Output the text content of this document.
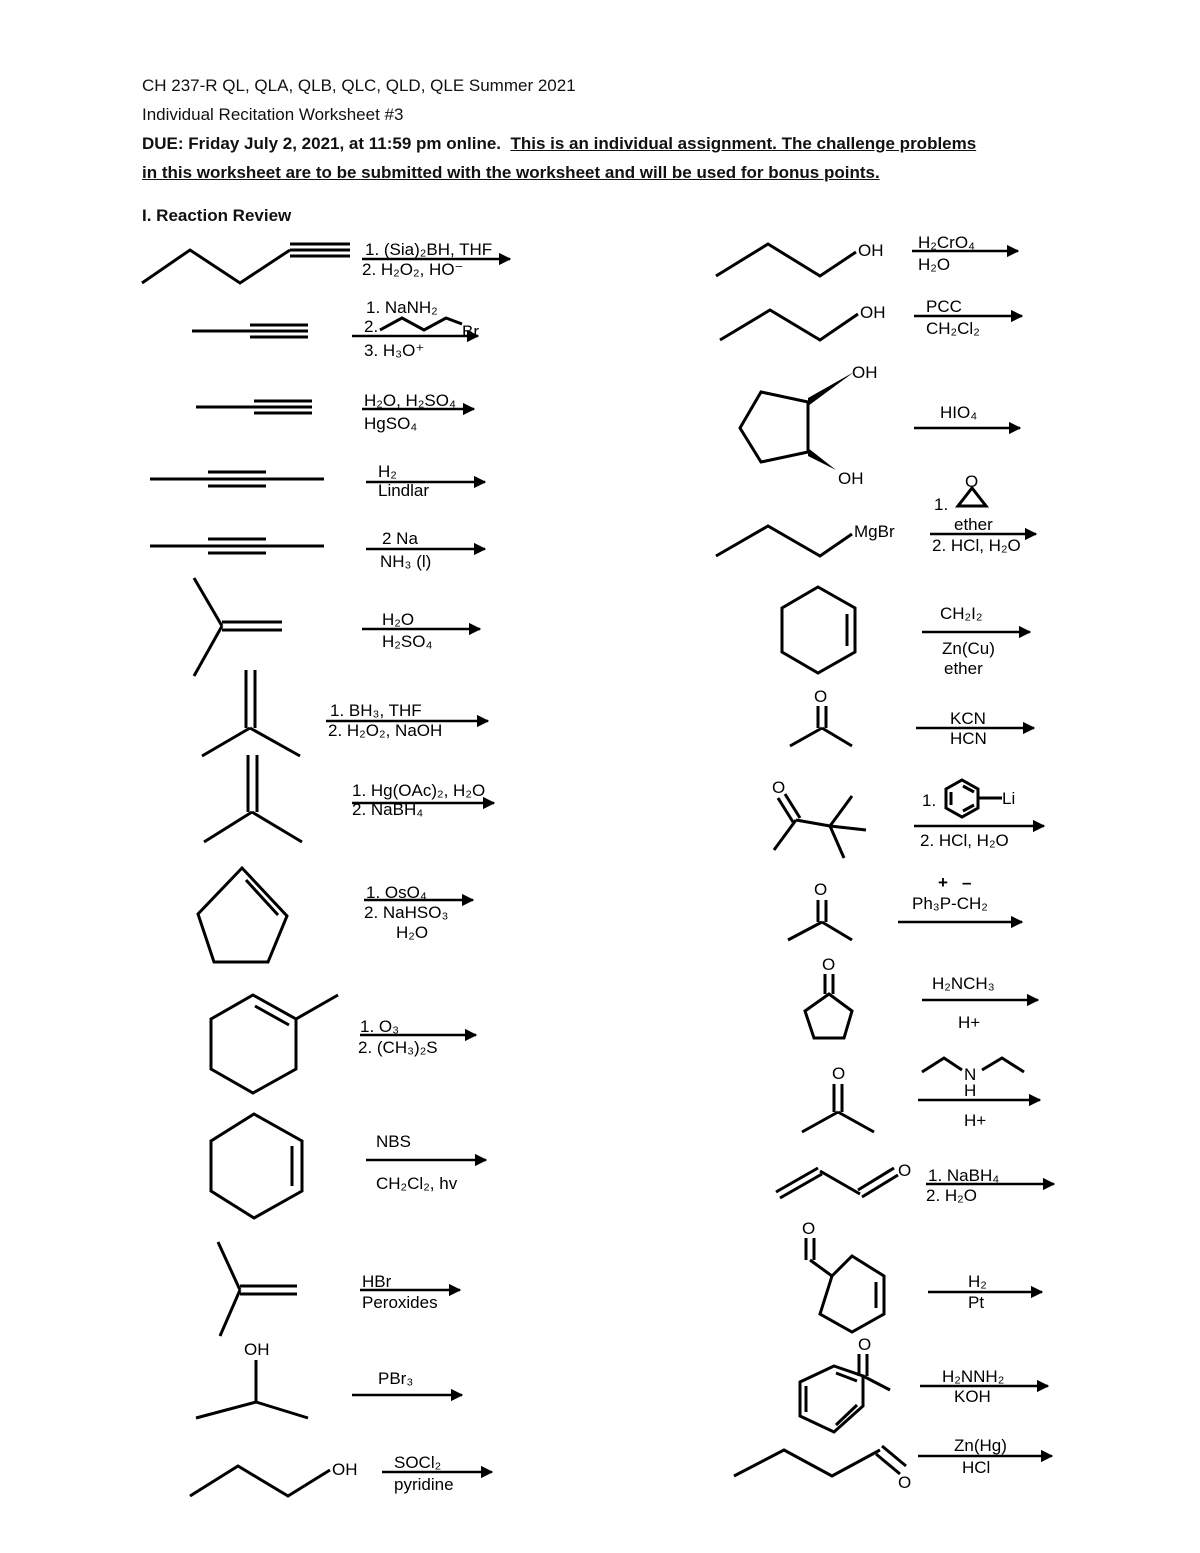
CH 237-R QL, QLA, QLB, QLC, QLD, QLE Summer 2021
Individual Recitation Worksheet #3
DUE: Friday July 2, 2021, at 11:59 pm online. This is an individual assignment. The challenge problems
in this worksheet are to be submitted with the worksheet and will be used for bonus points.
I. Reaction Review
1. (Sia)₂BH, THF
2. H₂O₂, HO⁻
1. NaNH₂
2.	Br
3. H₃O⁺
H₂O, H₂SO₄
HgSO₄
H₂
Lindlar
2 Na
NH₃ (l)
H₂O
H₂SO₄
1. BH₃, THF
2. H₂O₂, NaOH
1. Hg(OAc)₂, H₂O
2. NaBH₄
1. OsO₄
2. NaHSO₃
H₂O
1. O₃
2. (CH₃)₂S
NBS
CH₂Cl₂, hv
HBr
Peroxides
OH
PBr₃
OH SOCl₂
pyridine
OH H₂CrO₄
H₂O
OH PCC
CH₂Cl₂
OH
OH
HIO₄
MgBr
1.
O
ether
2. HCl, H₂O
CH₂I₂
Zn(Cu)
ether
O
KCN
HCN
O
1.	Li
2. HCl, H₂O
O	+ –
Ph₃P-CH₂
O
H₂NCH₃
H+
O	N
H
H+
O 1. NaBH₄
2. H₂O
O
H₂
Pt
O
H₂NNH₂
KOH
O
Zn(Hg)
HCl
